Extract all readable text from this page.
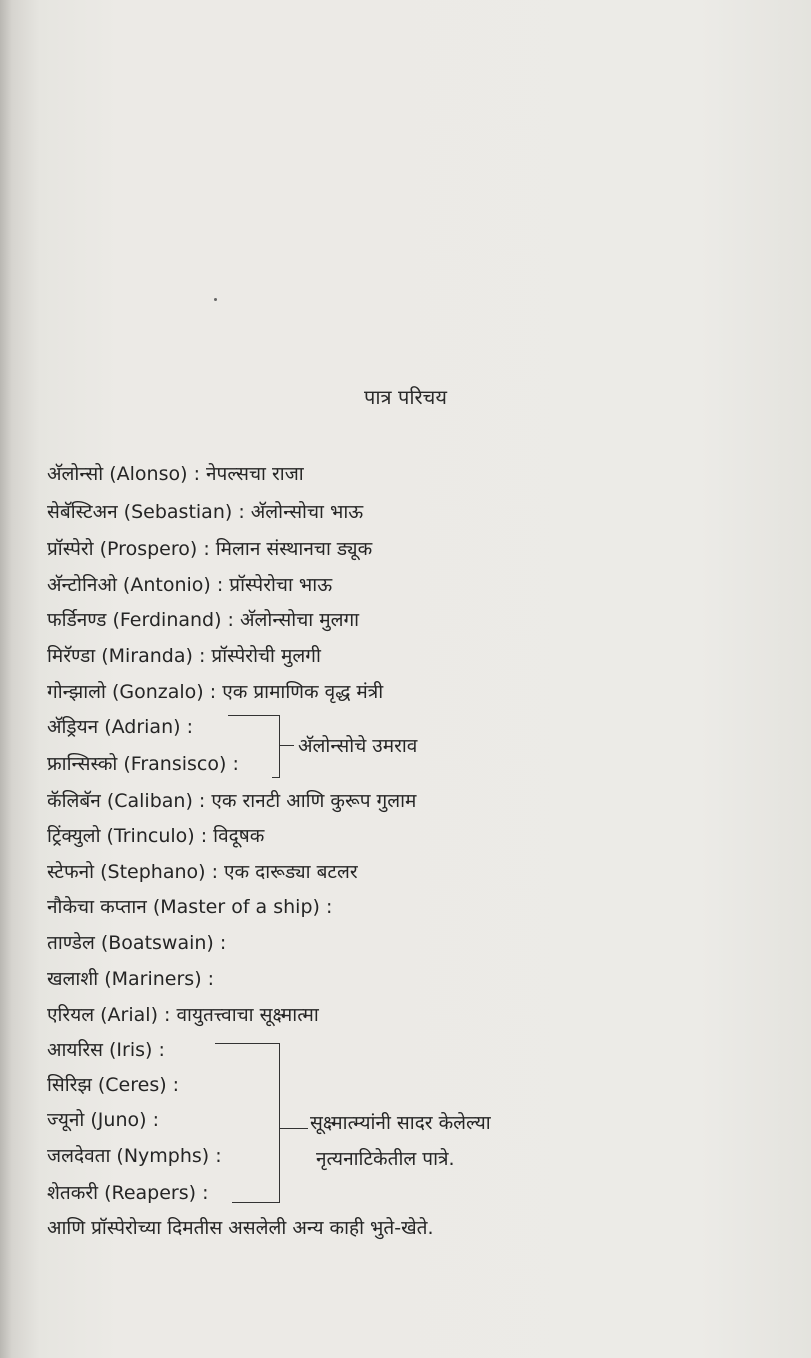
पात्र परिचय
अ‍ॅलोन्सो (Alonso) : नेपल्सचा राजा
सेबॅस्टिअन (Sebastian) : अ‍ॅलोन्सोचा भाऊ
प्रॉस्पेरो (Prospero) : मिलान संस्थानचा ड्यूक
अ‍ॅन्टोनिओ (Antonio) : प्रॉस्पेरोचा भाऊ
फर्डिनण्ड (Ferdinand) : अ‍ॅलोन्सोचा मुलगा
मिरॅण्डा (Miranda) : प्रॉस्पेरोची मुलगी
गोन्झालो (Gonzalo) : एक प्रामाणिक वृद्ध मंत्री
अ‍ॅड्रियन (Adrian) :
फ्रान्सिस्को (Fransisco) :
कॅलिबॅन (Caliban) : एक रानटी आणि कुरूप गुलाम
ट्रिंक्युलो (Trinculo) : विदूषक
स्टेफनो (Stephano) : एक दारूड्या बटलर
नौकेचा कप्तान (Master of a ship) :
ताण्डेल (Boatswain) :
खलाशी (Mariners) :
एरियल (Arial) : वायुतत्त्वाचा सूक्ष्मात्मा
आयरिस (Iris) :
सिरिझ (Ceres) :
ज्यूनो (Juno) :
जलदेवता (Nymphs) :
शेतकरी (Reapers) :
आणि प्रॉस्पेरोच्या दिमतीस असलेली अन्य काही भुते-खेते.
अ‍ॅलोन्सोचे उमराव
सूक्ष्मात्म्यांनी सादर केलेल्या
नृत्यनाटिकेतील पात्रे.
